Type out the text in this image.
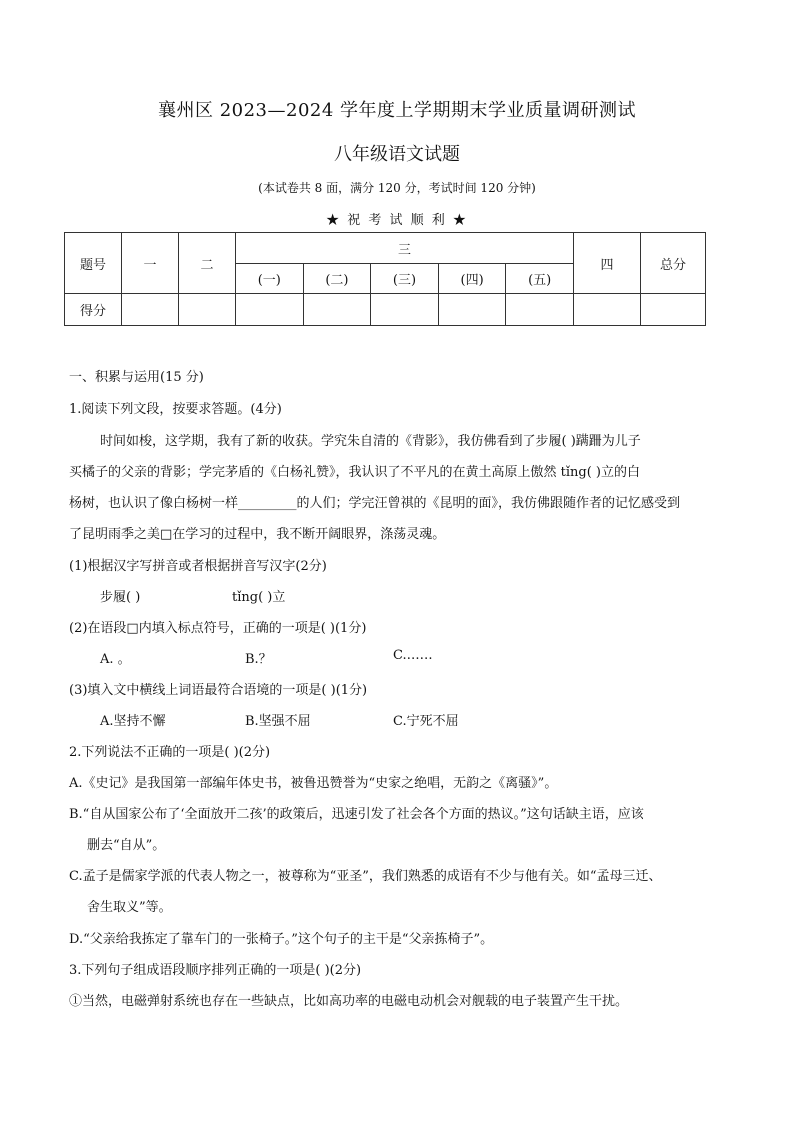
襄州区 2023—2024 学年度上学期期末学业质量调研测试
八年级语文试题
(本试卷共 8 面，满分 120 分，考试时间 120 分钟)
★ 祝 考 试 顺 利 ★
题号	一	二	三					四	总分
			(一)	(二)	(三)	(四)	(五)		
得分									
一、积累与运用(15 分)
1.阅读下列文段，按要求答题。(4分)
时间如梭，这学期，我有了新的收获。学究朱自清的《背影》，我仿佛看到了步履( )蹒跚为儿子
买橘子的父亲的背影；学完茅盾的《白杨礼赞》，我认识了不平凡的在黄土高原上傲然 tǐng( )立的白
杨树，也认识了像白杨树一样_________的人们；学完汪曾祺的《昆明的面》，我仿佛跟随作者的记忆感受到
了昆明雨季之美□在学习的过程中，我不断开阔眼界，涤荡灵魂。
(1)根据汉字写拼音或者根据拼音写汉字(2分)
步履( )	tǐng( )立
(2)在语段□内填入标点符号，正确的一项是( )(1分)
A. 。	B.？	C.……
(3)填入文中横线上词语最符合语境的一项是( )(1分)
A.坚持不懈	B.坚强不屈	C.宁死不屈
2.下列说法不正确的一项是( )(2分)
A.《史记》是我国第一部编年体史书，被鲁迅赞誉为“史家之绝唱，无韵之《离骚》”。
B.“自从国家公布了‘全面放开二孩’的政策后，迅速引发了社会各个方面的热议。”这句话缺主语，应该
删去“自从”。
C.孟子是儒家学派的代表人物之一，被尊称为“亚圣”，我们熟悉的成语有不少与他有关。如“孟母三迁、
舍生取义”等。
D.“父亲给我拣定了靠车门的一张椅子。”这个句子的主干是“父亲拣椅子”。
3.下列句子组成语段顺序排列正确的一项是( )(2分)
①当然，电磁弹射系统也存在一些缺点，比如高功率的电磁电动机会对舰载的电子装置产生干扰。
